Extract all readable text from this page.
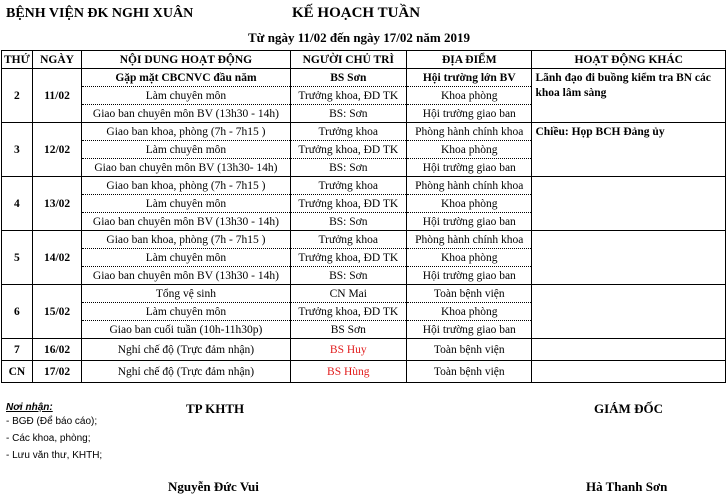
BỆNH VIỆN ĐK NGHI XUÂN	KẾ HOẠCH TUẦN
Từ ngày 11/02 đến ngày 17/02 năm 2019
THỨ	NGÀY	NỘI DUNG HOẠT ĐỘNG	NGƯỜI CHỦ TRÌ	ĐỊA ĐIỂM	HOẠT ĐỘNG KHÁC
2	11/02	Gặp mặt CBCNVC đầu năm	BS Sơn	Hội trường lớn BV	Lãnh đạo đi buồng kiểm tra BN các khoa lâm sàng
		Làm chuyên môn	Trưởng khoa, ĐD TK	Khoa phòng	
		Giao ban chuyên môn BV (13h30 - 14h)	BS: Sơn	Hội trường giao ban	
3	12/02	Giao ban khoa, phòng (7h - 7h15 )	Trưởng khoa	Phòng hành chính khoa	Chiều: Họp BCH Đảng ủy
		Làm chuyên môn	Trưởng khoa, ĐD TK	Khoa phòng	
		Giao ban chuyên môn BV (13h30- 14h)	BS: Sơn	Hội trường giao ban	
4	13/02	Giao ban khoa, phòng (7h - 7h15 )	Trưởng khoa	Phòng hành chính khoa	
		Làm chuyên môn	Trưởng khoa, ĐD TK	Khoa phòng	
		Giao ban chuyên môn BV (13h30 - 14h)	BS: Sơn	Hội trường giao ban	
5	14/02	Giao ban khoa, phòng (7h - 7h15 )	Trưởng khoa	Phòng hành chính khoa	
		Làm chuyên môn	Trưởng khoa, ĐD TK	Khoa phòng	
		Giao ban chuyên môn BV (13h30 - 14h)	BS: Sơn	Hội trường giao ban	
6	15/02	Tổng vệ sinh	CN Mai	Toàn bệnh viện	
		Làm chuyên môn	Trưởng khoa, ĐD TK	Khoa phòng	
		Giao ban cuối tuần (10h-11h30p)	BS Sơn	Hội trường giao ban	
7	16/02	Nghỉ chế độ (Trực đảm nhận)	BS Huy	Toàn bệnh viện	
CN	17/02	Nghỉ chế độ (Trực đảm nhận)	BS Hùng	Toàn bệnh viện	
Nơi nhận:
- BGĐ (Để báo cáo);
- Các khoa, phòng;
- Lưu văn thư, KHTH;
TP KHTH	GIÁM ĐỐC
Nguyễn Đức Vui	Hà Thanh Sơn
